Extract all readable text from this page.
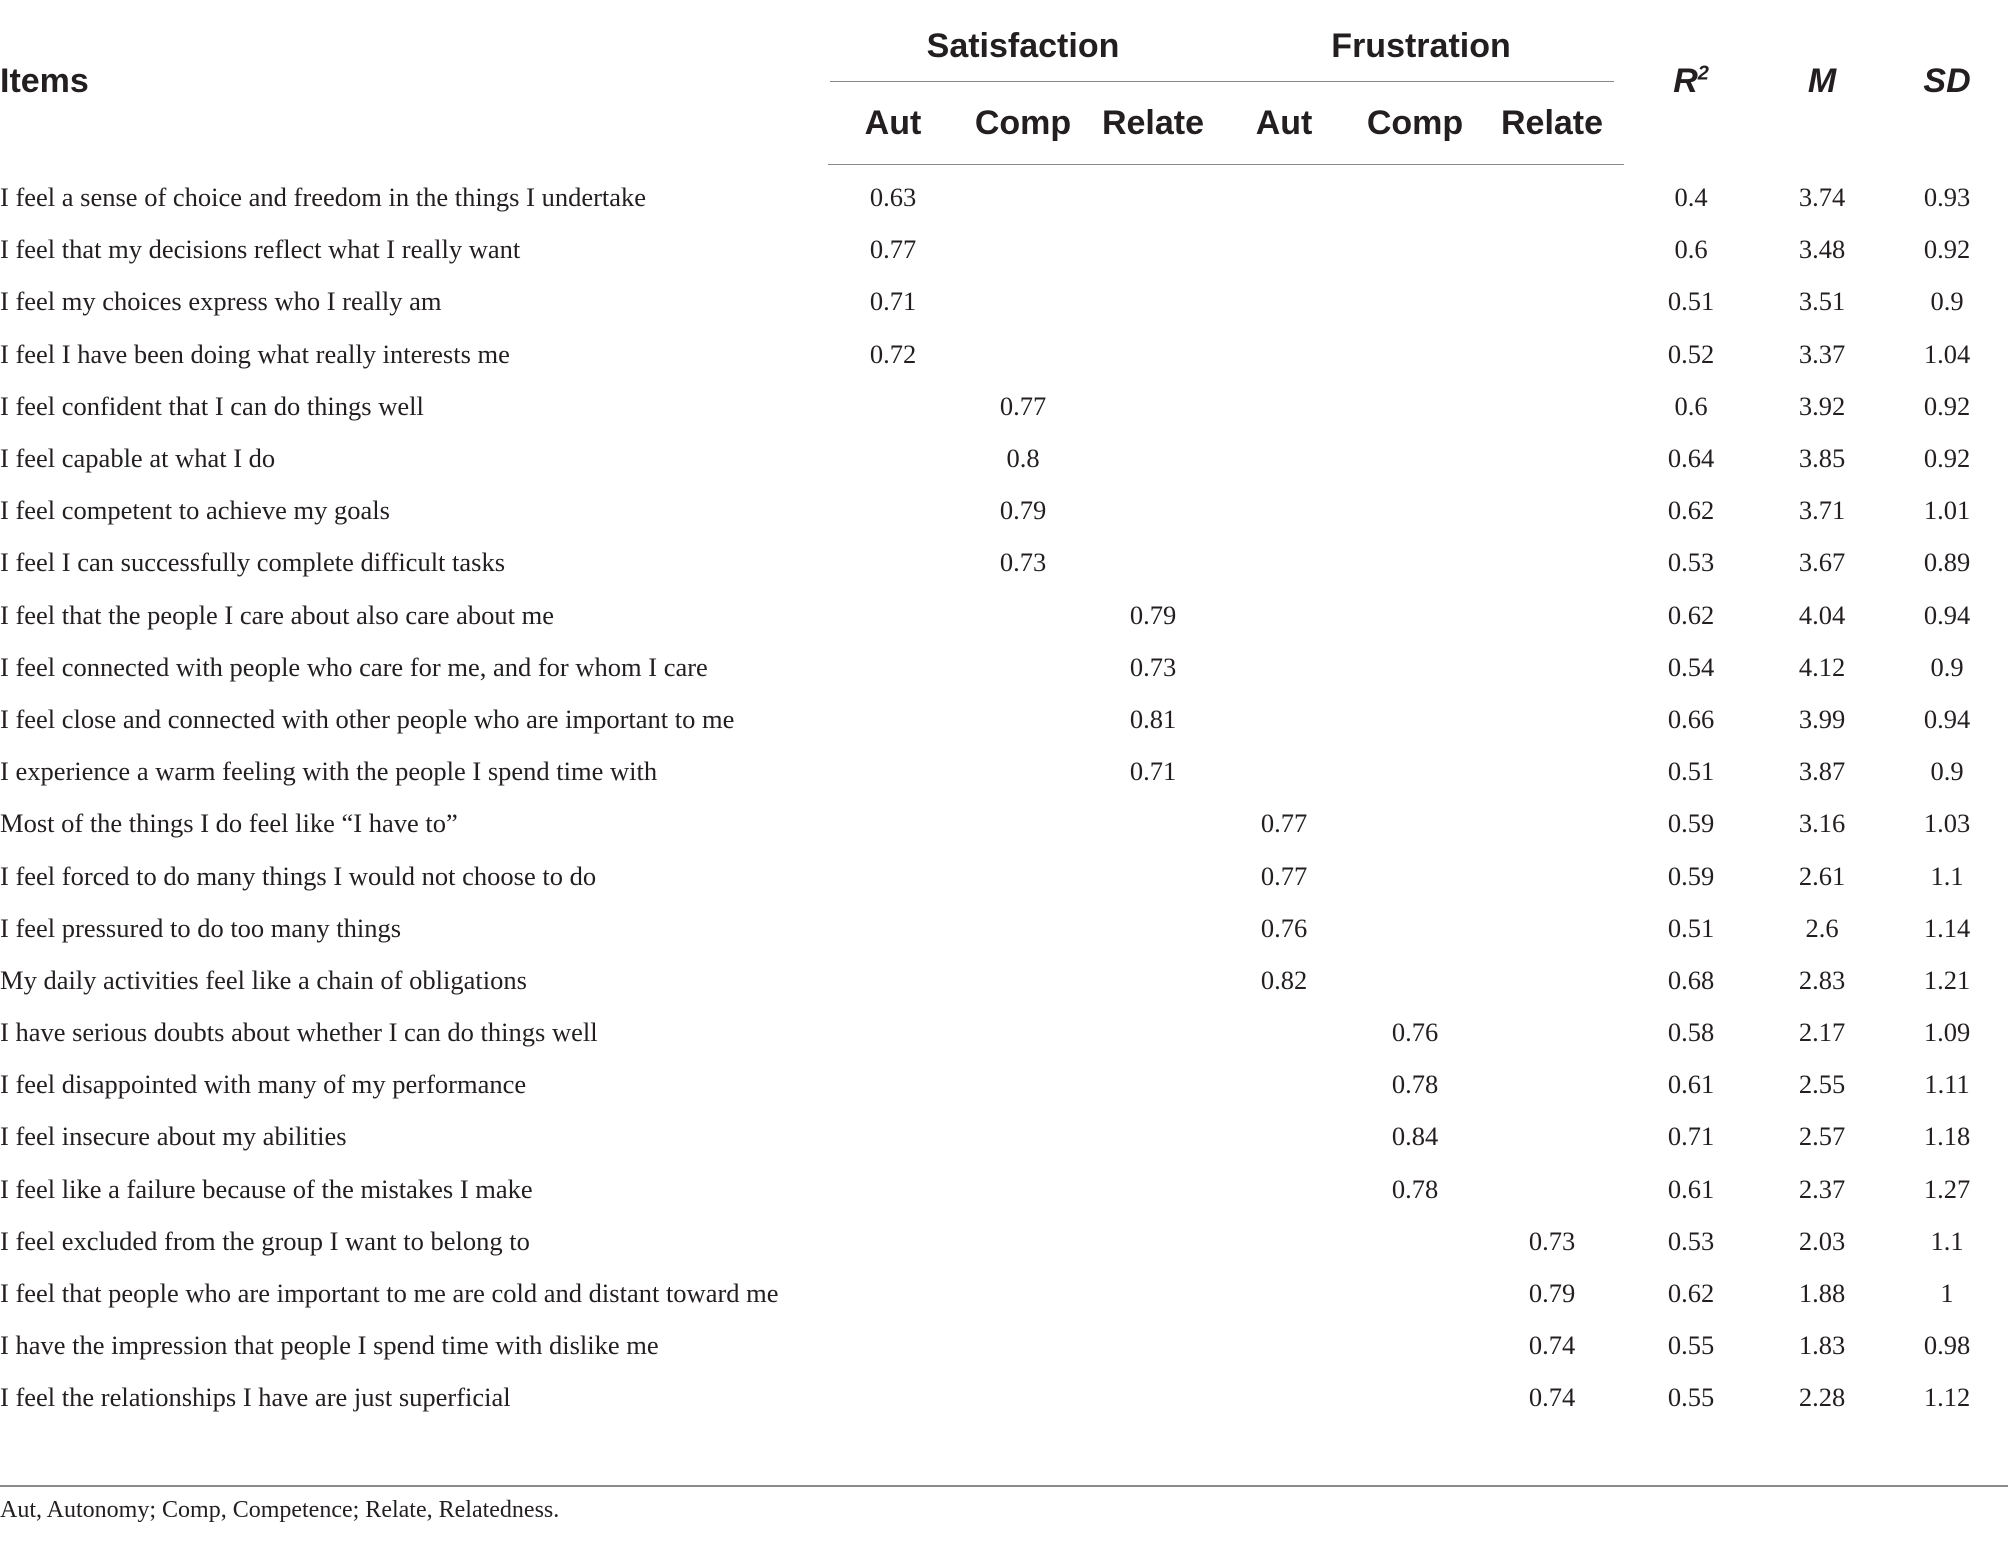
Items	Satisfaction			Frustration			$R^2$	M	SD
	Aut	Comp	Relate	Aut	Comp	Relate			
I feel a sense of choice and freedom in the things I undertake	0.63						0.4	3.74	0.93
I feel that my decisions reflect what I really want	0.77						0.6	3.48	0.92
I feel my choices express who I really am	0.71						0.51	3.51	0.9
I feel I have been doing what really interests me	0.72						0.52	3.37	1.04
I feel confident that I can do things well		0.77					0.6	3.92	0.92
I feel capable at what I do		0.8					0.64	3.85	0.92
I feel competent to achieve my goals		0.79					0.62	3.71	1.01
I feel I can successfully complete difficult tasks		0.73					0.53	3.67	0.89
I feel that the people I care about also care about me			0.79				0.62	4.04	0.94
I feel connected with people who care for me, and for whom I care			0.73				0.54	4.12	0.9
I feel close and connected with other people who are important to me			0.81				0.66	3.99	0.94
I experience a warm feeling with the people I spend time with			0.71				0.51	3.87	0.9
Most of the things I do feel like “I have to”				0.77			0.59	3.16	1.03
I feel forced to do many things I would not choose to do				0.77			0.59	2.61	1.1
I feel pressured to do too many things				0.76			0.51	2.6	1.14
My daily activities feel like a chain of obligations				0.82			0.68	2.83	1.21
I have serious doubts about whether I can do things well					0.76		0.58	2.17	1.09
I feel disappointed with many of my performance					0.78		0.61	2.55	1.11
I feel insecure about my abilities					0.84		0.71	2.57	1.18
I feel like a failure because of the mistakes I make					0.78		0.61	2.37	1.27
I feel excluded from the group I want to belong to						0.73	0.53	2.03	1.1
I feel that people who are important to me are cold and distant toward me						0.79	0.62	1.88	1
I have the impression that people I spend time with dislike me						0.74	0.55	1.83	0.98
I feel the relationships I have are just superficial						0.74	0.55	2.28	1.12
Aut, Autonomy; Comp, Competence; Relate, Relatedness.
